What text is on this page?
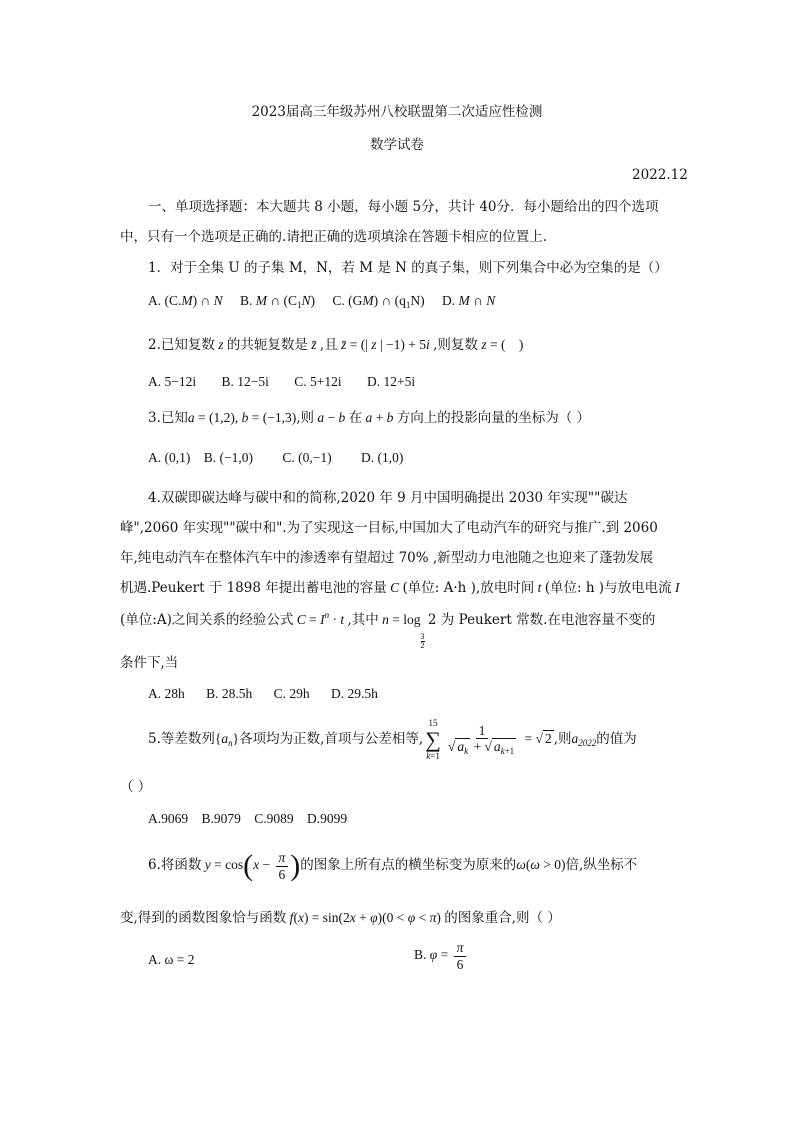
2023届高三年级苏州八校联盟第二次适应性检测
数学试卷
2022.12
一、单项选择题：本大题共 8 小题，每小题 5分，共计 40分．每小题给出的四个选项
中，只有一个选项是正确的.请把正确的选项填涂在答题卡相应的位置上.
1．对于全集 U 的子集 M，N，若 M 是 N 的真子集，则下列集合中必为空集的是（）
A. (C.M) ∩ N B. M ∩ $(C_1N)$ C. (GM) ∩ $(q_1N)$ D. M ∩ N
2.已知复数 z 的共轭复数是 z̄ ,且 z̄ = (| z | −1) + 5i ,则复数 z = (    )
A. 5−12i B. 12−5i C. 5+12i D. 12+5i
3.已知a = (1,2), b = (−1,3),则 a − b 在 a + b 方向上的投影向量的坐标为（ ）
A. (0,1) B. (−1,0) C. (0,−1) D. (1,0)
4.双碳即碳达峰与碳中和的简称,2020 年 9 月中国明确提出 2030 年实现""碳达
峰",2060 年实现""碳中和".为了实现这一目标,中国加大了电动汽车的研究与推广.到 2060
年,纯电动汽车在整体汽车中的渗透率有望超过 70% ,新型动力电池随之也迎来了蓬勃发展
机遇.Peukert 于 1898 年提出蓄电池的容量 C (单位: A·h ),放电时间 t (单位: h )与放电电流 I
(单位:A)之间关系的经验公式 $C = I^n \cdot t$ ,其中 n = log
$_{\frac{3}{2}}$
2 为 Peukert 常数.在电池容量不变的
条件下,当
A. 28h B. 28.5h C. 29h D. 29.5h
5.等差数列$\{a_n\}$各项均为正数,首项与公差相等,
15
∑
$k=1 \frac{1}{√ a_k + √ a_{k+1}}$ = √ 2 ,则$a_{2022}$的值为
（ ）
A.9069 B.9079 C.9089 D.9099
6.将函数 $y = \cos(x - \frac{\pi}{6}$ )的图象上所有点的横坐标变为原来的ω(ω > 0)倍,纵坐标不
变,得到的函数图象恰与函数 f(x) = sin(2x + φ)(0 < φ < π) 的图象重合,则（ ）
A. ω = 2	B. $\varphi = \frac{\pi}{6}$
